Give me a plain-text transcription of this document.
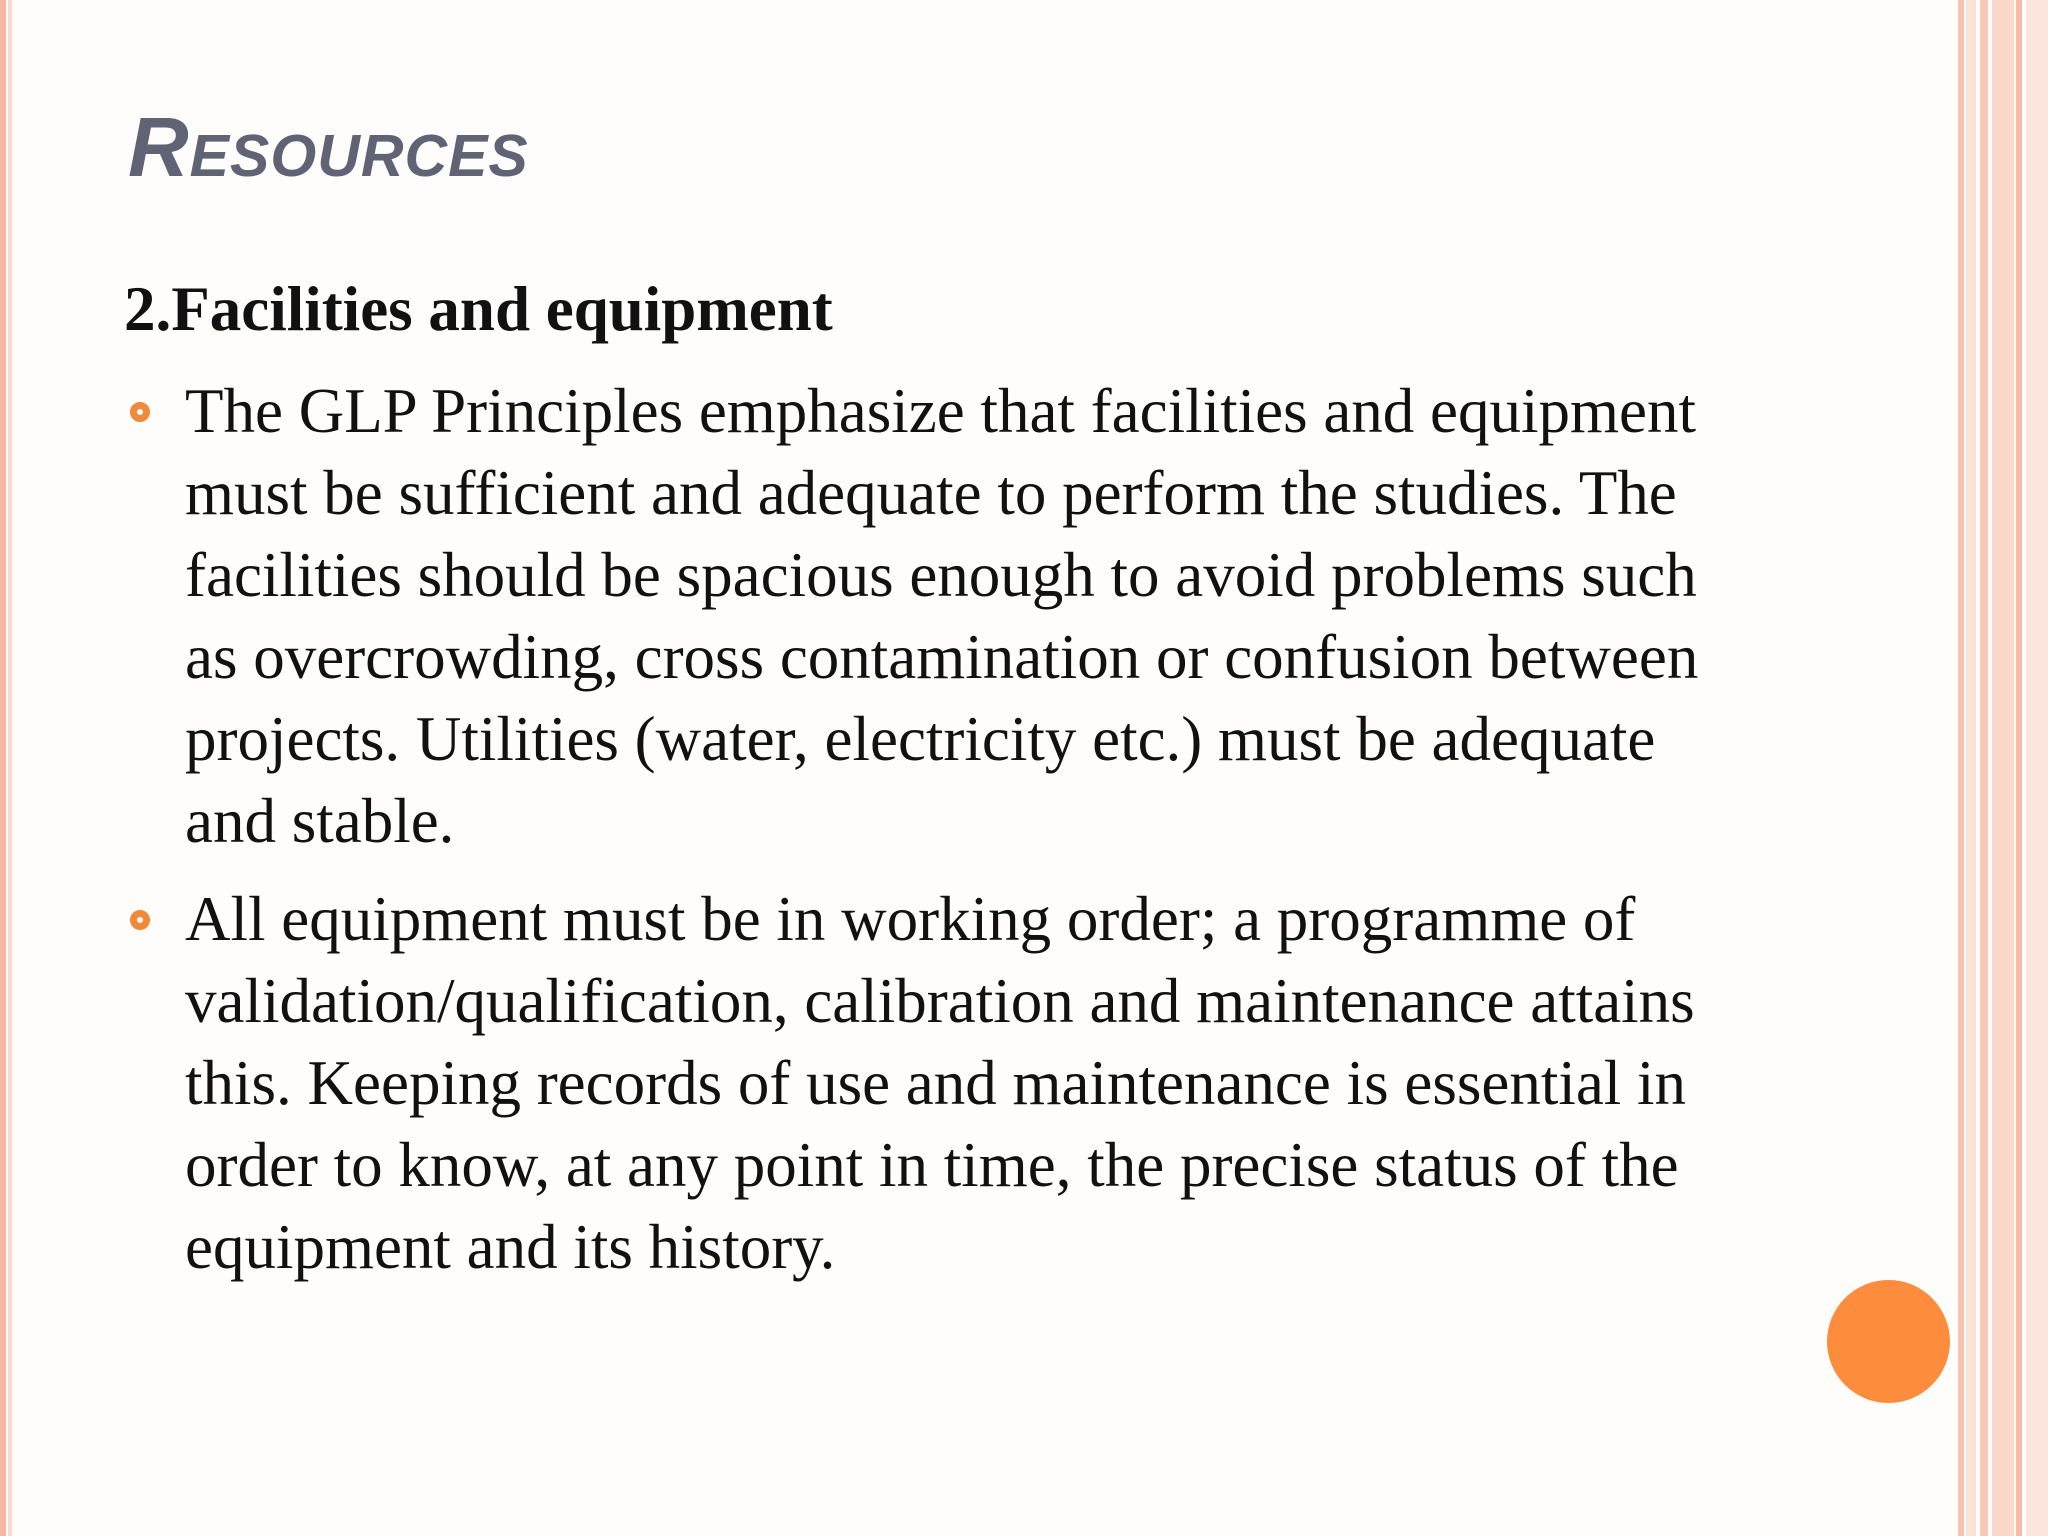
Resources
2.Facilities and equipment
The GLP Principles emphasize that facilities and equipment must be sufficient and adequate to perform the studies. The facilities should be spacious enough to avoid problems such as overcrowding, cross contamination or confusion between projects. Utilities (water, electricity etc.) must be adequate and stable.
All equipment must be in working order; a programme of validation/qualification, calibration and maintenance attains this. Keeping records of use and maintenance is essential in order to know, at any point in time, the precise status of the equipment and its history.
